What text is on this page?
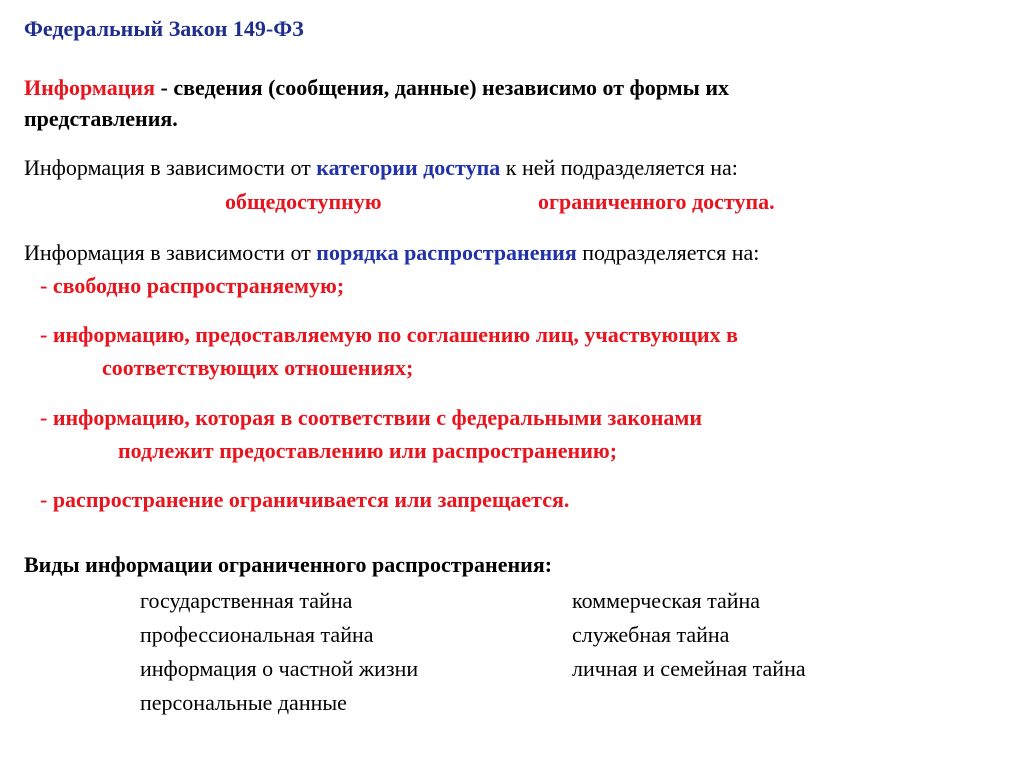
Федеральный Закон 149-ФЗ
Информация - сведения (сообщения, данные) независимо от формы их
представления.
Информация в зависимости от категории доступа к ней подразделяется на:
общедоступную	ограниченного доступа.
Информация в зависимости от порядка распространения подразделяется на:
- свободно распространяемую;
- информацию, предоставляемую по соглашению лиц, участвующих в
соответствующих отношениях;
- информацию, которая в соответствии с федеральными законами
подлежит предоставлению или распространению;
- распространение ограничивается или запрещается.
Виды информации ограниченного распространения:
государственная тайна	коммерческая тайна
профессиональная тайна	служебная тайна
информация о частной жизни	личная и семейная тайна
персональные данные
